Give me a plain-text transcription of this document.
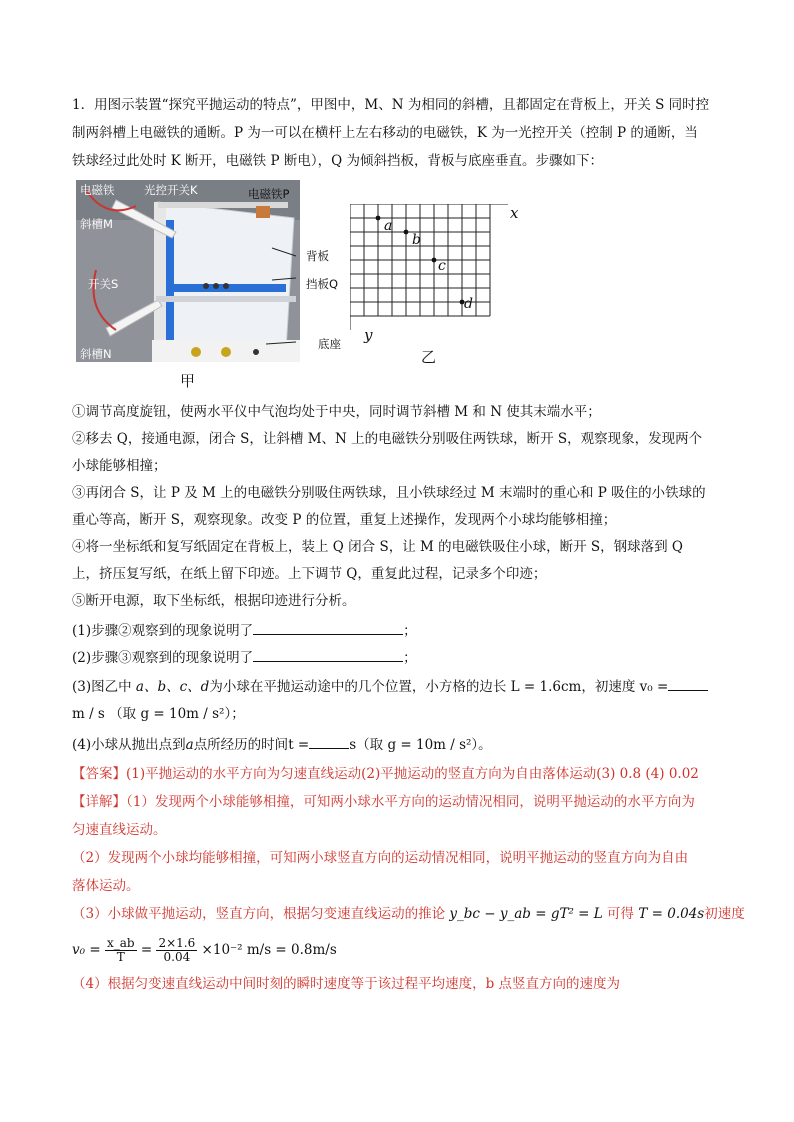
1．用图示装置“探究平抛运动的特点”，甲图中，M、N 为相同的斜槽，且都固定在背板上，开关 S 同时控
制两斜槽上电磁铁的通断。P 为一可以在横杆上左右移动的电磁铁，K 为一光控开关（控制 P 的通断，当
铁球经过此处时 K 断开，电磁铁 P 断电），Q 为倾斜挡板，背板与底座垂直。步骤如下：
电磁铁	光控开关K
斜槽M
开关S
斜槽N
电磁铁P
背板
挡板Q
底座
甲
x
y
a
b
c
d
乙
①调节高度旋钮，使两水平仪中气泡均处于中央，同时调节斜槽 M 和 N 使其末端水平；
②移去 Q，接通电源，闭合 S，让斜槽 M、N 上的电磁铁分别吸住两铁球，断开 S，观察现象，发现两个
小球能够相撞；
③再闭合 S，让 P 及 M 上的电磁铁分别吸住两铁球，且小铁球经过 M 末端时的重心和 P 吸住的小铁球的
重心等高，断开 S，观察现象。改变 P 的位置，重复上述操作，发现两个小球均能够相撞；
④将一坐标纸和复写纸固定在背板上，装上 Q 闭合 S，让 M 的电磁铁吸住小球，断开 S，钢球落到 Q
上，挤压复写纸，在纸上留下印迹。上下调节 Q，重复此过程，记录多个印迹；
⑤断开电源，取下坐标纸，根据印迹进行分析。
(1)步骤②观察到的现象说明了	；
(2)步骤③观察到的现象说明了	；
(3)图乙中 a、b、c、d为小球在平抛运动途中的几个位置，小方格的边长 L = 1.6cm，初速度 v₀ =
m / s （取 g = 10m / s²）；
(4)小球从抛出点到a点所经历的时间t =	s（取 g = 10m / s²）。
【答案】(1)平抛运动的水平方向为匀速直线运动(2)平抛运动的竖直方向为自由落体运动(3) 0.8 (4) 0.02
【详解】（1）发现两个小球能够相撞，可知两小球水平方向的运动情况相同，说明平抛运动的水平方向为
匀速直线运动。
（2）发现两个小球均能够相撞，可知两小球竖直方向的运动情况相同，说明平抛运动的竖直方向为自由
落体运动。
（3）小球做平抛运动，竖直方向，根据匀变速直线运动的推论 y_bc − y_ab = gT² = L 可得 T = 0.04s初速度
$v_0 = \frac{x\_ab}{T} = \frac{2\times 1.6}{0.04} \times 10^{-2}$ m/s = 0.8m/s
（4）根据匀变速直线运动中间时刻的瞬时速度等于该过程平均速度，b 点竖直方向的速度为
